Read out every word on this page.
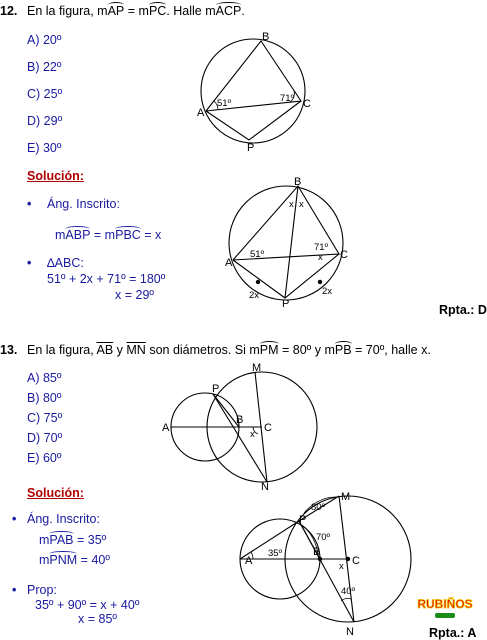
12. En la figura, mAP = mPC. Halle mACP.
A) 20º
B) 22º
C) 25º
D) 29º
E) 30º
B
A
C
P
51º	71º
Solución:
• Áng. Inscrito:
mABP = mPBC = x
• ∆ABC:
51º + 2x + 71º = 180º
x = 29º
B
A
C
P
x x
51º
71º
x
2x	2x
Rpta.: D
13. En la figura, $\overline{AB}$ y $\overline{MN}$ son diámetros. Si mPM = 80º y mPB = 70º, halle x.
A) 85º
B) 80º
C) 75º
D) 70º
E) 60º
M
P
A
B
C
N
x
Solución:
• Áng. Inscrito:
mPAB = 35º
mPNM = 40º
• Prop:
35º + 90º = x + 40º
x = 85º
M
P
A
B
C
N
x
80º
70º
35º
40º
RUBIÑOS
Rpta.: A
